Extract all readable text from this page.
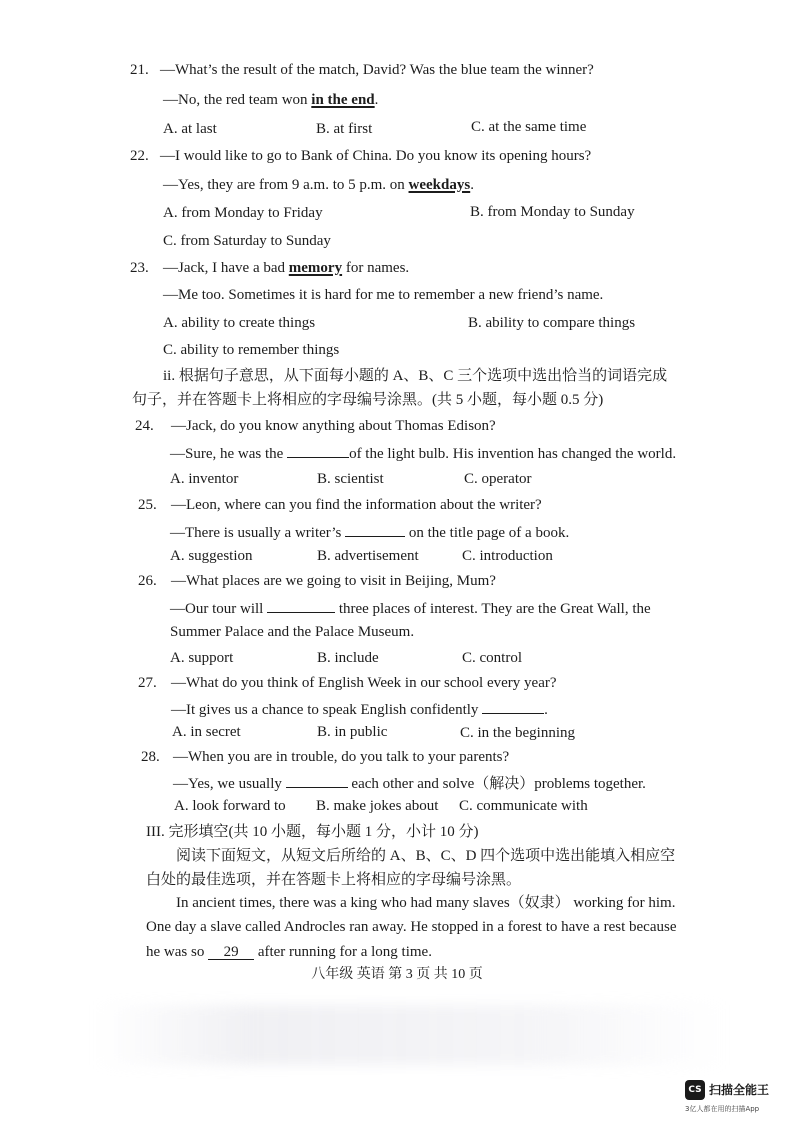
21. —What’s the result of the match, David? Was the blue team the winner?
—No, the red team won in the end.
A. at last	B. at first	C. at the same time
22. —I would like to go to Bank of China. Do you know its opening hours?
—Yes, they are from 9 a.m. to 5 p.m. on weekdays.
A. from Monday to Friday	B. from Monday to Sunday
C. from Saturday to Sunday
23. —Jack, I have a bad memory for names.
—Me too. Sometimes it is hard for me to remember a new friend’s name.
A. ability to create things	B. ability to compare things
C. ability to remember things
ii. 根据句子意思，从下面每小题的 A、B、C 三个选项中选出恰当的词语完成
句子，并在答题卡上将相应的字母编号涂黑。(共 5 小题，每小题 0.5 分)
24. —Jack, do you know anything about Thomas Edison?
—Sure, he was the	of the light bulb. His invention has changed the world.
A. inventor	B. scientist	C. operator
25. —Leon, where can you find the information about the writer?
—There is usually a writer’s	on the title page of a book.
A. suggestion	B. advertisement	C. introduction
26. —What places are we going to visit in Beijing, Mum?
—Our tour will	three places of interest. They are the Great Wall, the
Summer Palace and the Palace Museum.
A. support	B. include	C. control
27. —What do you think of English Week in our school every year?
—It gives us a chance to speak English confidently	.
A. in secret	B. in public	C. in the beginning
28. —When you are in trouble, do you talk to your parents?
—Yes, we usually	each other and solve（解决）problems together.
A. look forward to B. make jokes about C. communicate with
III. 完形填空(共 10 小题，每小题 1 分，小计 10 分)
阅读下面短文，从短文后所给的 A、B、C、D 四个选项中选出能填入相应空
白处的最佳选项，并在答题卡上将相应的字母编号涂黑。
In ancient times, there was a king who had many slaves（奴隶） working for him.
One day a slave called Androcles ran away. He stopped in a forest to have a rest because
he was so 29 after running for a long time.
八年级 英语 第 3 页 共 10 页
CS 扫描全能王
3亿人都在用的扫描App
